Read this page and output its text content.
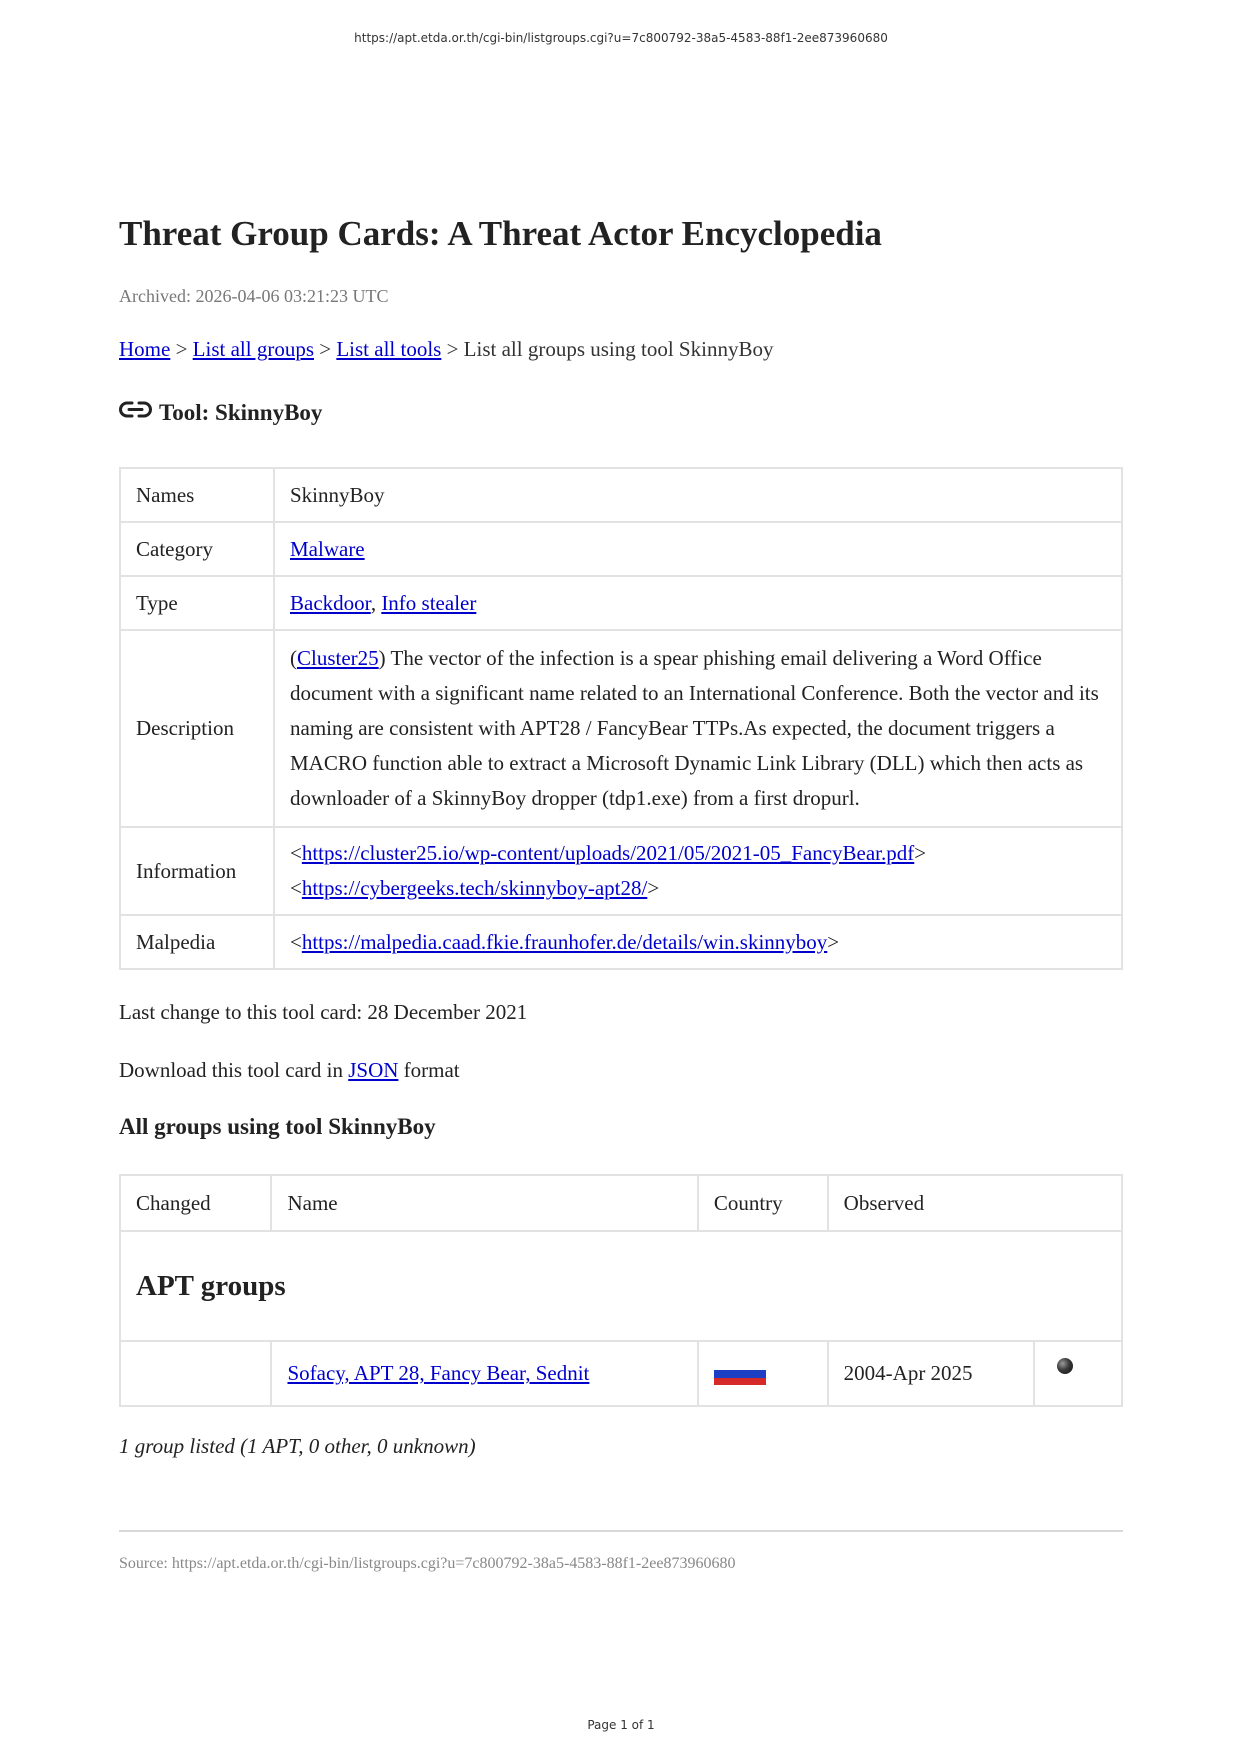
https://apt.etda.or.th/cgi-bin/listgroups.cgi?u=7c800792-38a5-4583-88f1-2ee873960680
Threat Group Cards: A Threat Actor Encyclopedia
Archived: 2026-04-06 03:21:23 UTC
Home > List all groups > List all tools > List all groups using tool SkinnyBoy
Tool: SkinnyBoy
Names	SkinnyBoy
Category	Malware
Type	Backdoor, Info stealer
Description	(Cluster25) The vector of the infection is a spear phishing email delivering a Word Office document with a significant name related to an International Conference. Both the vector and its naming are consistent with APT28 / FancyBear TTPs.As expected, the document triggers a MACRO function able to extract a Microsoft Dynamic Link Library (DLL) which then acts as downloader of a SkinnyBoy dropper (tdp1.exe) from a first dropurl.
Information	<https://cluster25.io/wp-content/uploads/2021/05/2021-05_FancyBear.pdf>
<https://cybergeeks.tech/skinnyboy-apt28/>
Malpedia	<https://malpedia.caad.fkie.fraunhofer.de/details/win.skinnyboy>
Last change to this tool card: 28 December 2021
Download this tool card in JSON format
All groups using tool SkinnyBoy
Changed	Name	Country	Observed	
APT groups				
	Sofacy, APT 28, Fancy Bear, Sednit		2004-Apr 2025	
1 group listed (1 APT, 0 other, 0 unknown)
Source: https://apt.etda.or.th/cgi-bin/listgroups.cgi?u=7c800792-38a5-4583-88f1-2ee873960680
Page 1 of 1
